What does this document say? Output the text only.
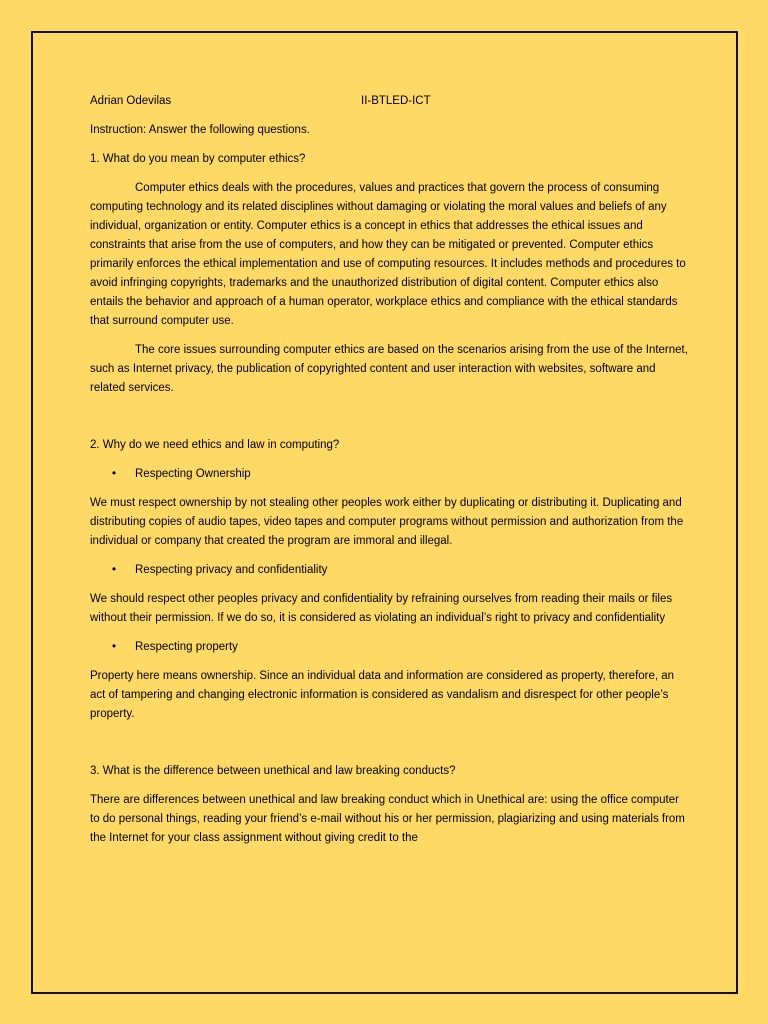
Adrian Odevilas	II-BTLED-ICT

Instruction: Answer the following questions.

1. What do you mean by computer ethics?

Computer ethics deals with the procedures, values and practices that govern the process of consuming computing technology and its related disciplines without damaging or violating the moral values and beliefs of any individual, organization or entity. Computer ethics is a concept in ethics that addresses the ethical issues and constraints that arise from the use of computers, and how they can be mitigated or prevented. Computer ethics primarily enforces the ethical implementation and use of computing resources. It includes methods and procedures to avoid infringing copyrights, trademarks and the unauthorized distribution of digital content. Computer ethics also entails the behavior and approach of a human operator, workplace ethics and compliance with the ethical standards that surround computer use.

The core issues surrounding computer ethics are based on the scenarios arising from the use of the Internet, such as Internet privacy, the publication of copyrighted content and user interaction with websites, software and related services.

2. Why do we need ethics and law in computing?

• Respecting Ownership

We must respect ownership by not stealing other peoples work either by duplicating or distributing it. Duplicating and distributing copies of audio tapes, video tapes and computer programs without permission and authorization from the individual or company that created the program are immoral and illegal.

• Respecting privacy and confidentiality

We should respect other peoples privacy and confidentiality by refraining ourselves from reading their mails or files without their permission. If we do so, it is considered as violating an individual’s right to privacy and confidentiality

• Respecting property

Property here means ownership. Since an individual data and information are considered as property, therefore, an act of tampering and changing electronic information is considered as vandalism and disrespect for other people’s property.

3. What is the difference between unethical and law breaking conducts?

There are differences between unethical and law breaking conduct which in Unethical are: using the office computer to do personal things, reading your friend’s e-mail without his or her permission, plagiarizing and using materials from the Internet for your class assignment without giving credit to the
